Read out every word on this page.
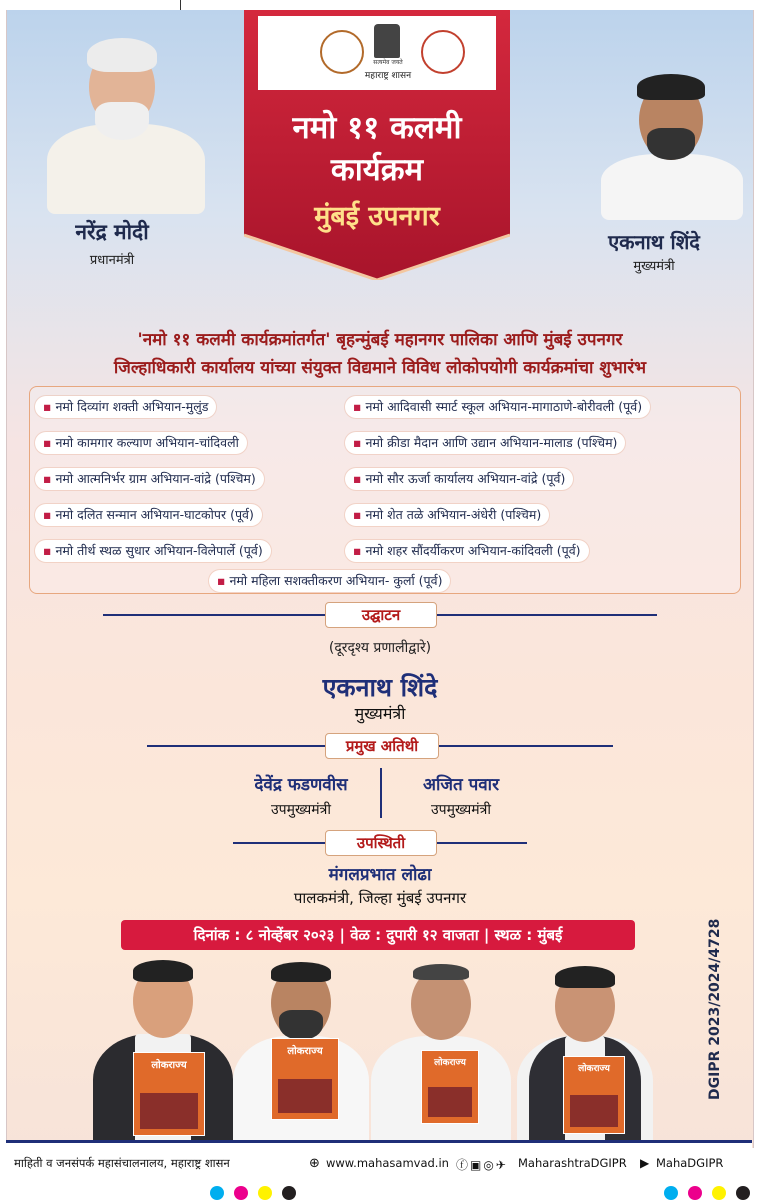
नरेंद्र मोदी
प्रधानमंत्री
एकनाथ शिंदे
मुख्यमंत्री
सत्यमेव जयते
महाराष्ट्र शासन
नमो ११ कलमी
कार्यक्रम
मुंबई उपनगर
'नमो ११ कलमी कार्यक्रमांतर्गत' बृहन्मुंबई महानगर पालिका आणि मुंबई उपनगर
जिल्हाधिकारी कार्यालय यांच्या संयुक्त विद्यमाने विविध लोकोपयोगी कार्यक्रमांचा शुभारंभ
▪ नमो दिव्यांग शक्ती अभियान-मुलुंड
▪ नमो कामगार कल्याण अभियान-चांदिवली
▪ नमो आत्मनिर्भर ग्राम अभियान-वांद्रे (पश्चिम)
▪ नमो दलित सन्मान अभियान-घाटकोपर (पूर्व)
▪ नमो तीर्थ स्थळ सुधार अभियान-विलेपार्ले (पूर्व)
▪ नमो आदिवासी स्मार्ट स्कूल अभियान-मागाठाणे-बोरीवली (पूर्व)
▪ नमो क्रीडा मैदान आणि उद्यान अभियान-मालाड (पश्चिम)
▪ नमो सौर ऊर्जा कार्यालय अभियान-वांद्रे (पूर्व)
▪ नमो शेत तळे अभियान-अंधेरी (पश्चिम)
▪ नमो शहर सौंदर्यीकरण अभियान-कांदिवली (पूर्व)
▪ नमो महिला सशक्तीकरण अभियान- कुर्ला (पूर्व)
उद्घाटन
(दूरदृश्य प्रणालीद्वारे)
एकनाथ शिंदे
मुख्यमंत्री
प्रमुख अतिथी
देवेंद्र फडणवीस
उपमुख्यमंत्री
अजित पवार
उपमुख्यमंत्री
उपस्थिती
मंगलप्रभात लोढा
पालकमंत्री, जिल्हा मुंबई उपनगर
दिनांक : ८ नोव्हेंबर २०२३ | वेळ : दुपारी १२ वाजता | स्थळ : मुंबई
लोकराज्य
लोकराज्य
लोकराज्य
लोकराज्य	DGIPR 2023/2024/4728
माहिती व जनसंपर्क महासंचालनालय, महाराष्ट्र शासन	⊕ www.mahasamvad.in ⓕ▣◎✈ MaharashtraDGIPR ▶ MahaDGIPR
